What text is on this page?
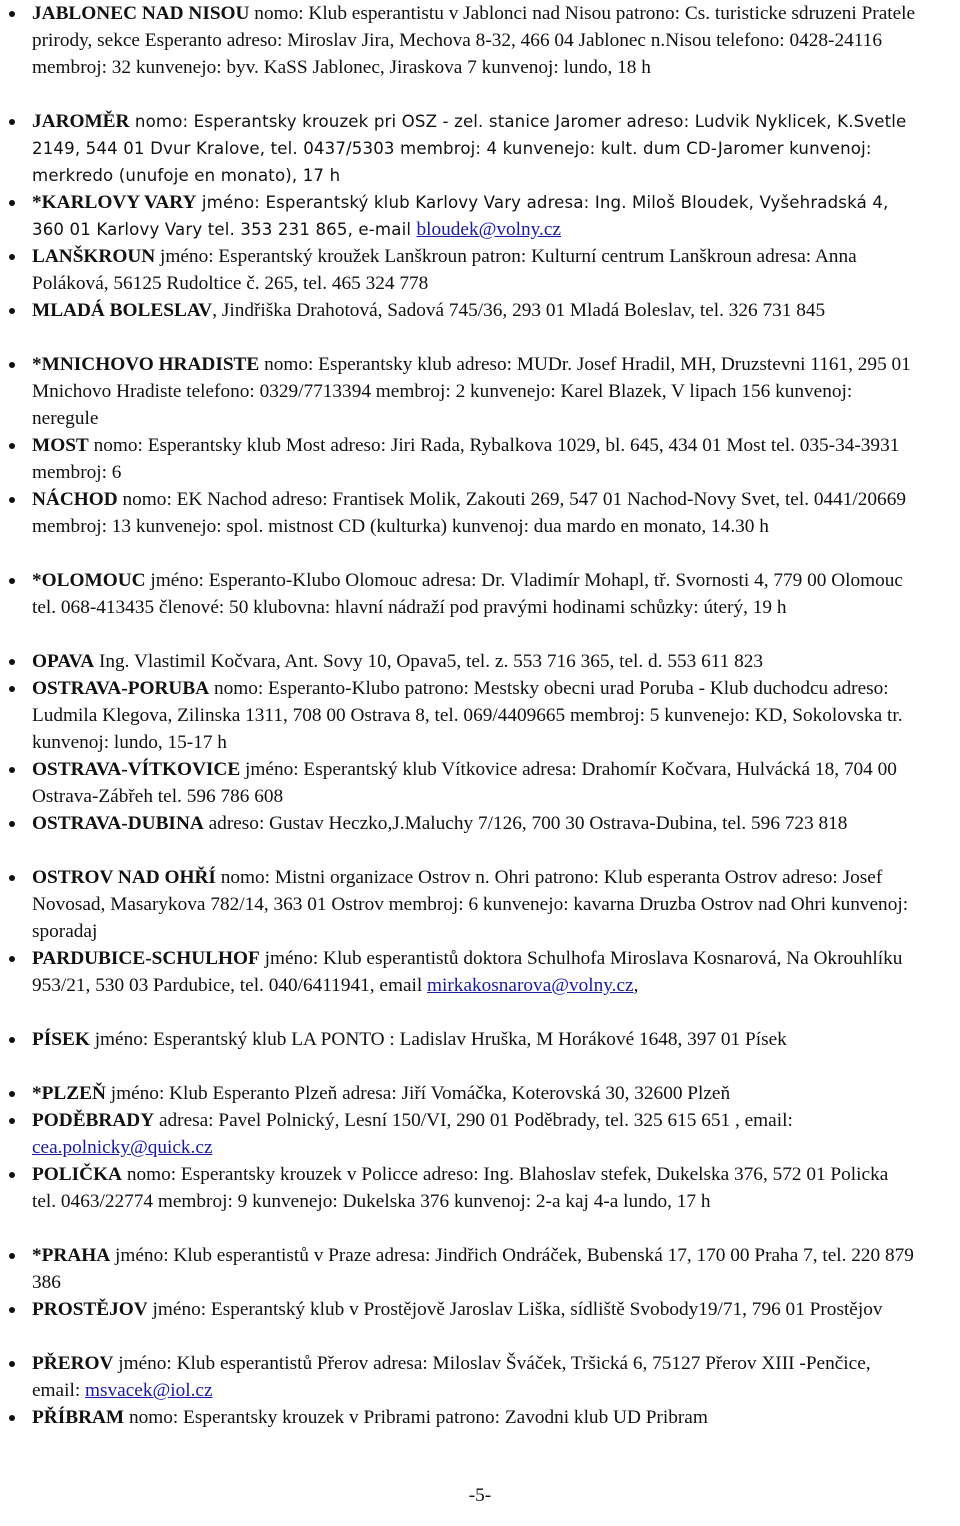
JABLONEC NAD NISOU nomo: Klub esperantistu v Jablonci nad Nisou patrono: Cs. turisticke sdruzeni Pratele prirody, sekce Esperanto adreso: Miroslav Jira, Mechova 8-32, 466 04 Jablonec n.Nisou telefono: 0428-24116 membroj: 32 kunvenejo: byv. KaSS Jablonec, Jiraskova 7 kunvenoj: lundo, 18 h
JAROMĚR nomo: Esperantsky krouzek pri OSZ - zel. stanice Jaromer adreso: Ludvik Nyklicek, K.Svetle 2149, 544 01 Dvur Kralove, tel. 0437/5303 membroj: 4 kunvenejo: kult. dum CD-Jaromer kunvenoj: merkredo (unufoje en monato), 17 h
*KARLOVY VARY jméno: Esperantský klub Karlovy Vary adresa: Ing. Miloš Bloudek, Vyšehradská 4, 360 01 Karlovy Vary tel. 353 231 865, e-mail bloudek@volny.cz
LANŠKROUN jméno: Esperantský kroužek Lanškroun patron: Kulturní centrum Lanškroun adresa: Anna Poláková, 56125 Rudoltice č. 265, tel. 465 324 778
MLADÁ BOLESLAV, Jindřiška Drahotová, Sadová 745/36, 293 01 Mladá Boleslav, tel. 326 731 845
*MNICHOVO HRADISTE nomo: Esperantsky klub adreso: MUDr. Josef Hradil, MH, Druzstevni 1161, 295 01 Mnichovo Hradiste telefono: 0329/7713394 membroj: 2 kunvenejo: Karel Blazek, V lipach 156 kunvenoj: neregule
MOST nomo: Esperantsky klub Most adreso: Jiri Rada, Rybalkova 1029, bl. 645, 434 01 Most tel. 035-34-3931 membroj: 6
NÁCHOD nomo: EK Nachod adreso: Frantisek Molik, Zakouti 269, 547 01 Nachod-Novy Svet, tel. 0441/20669 membroj: 13 kunvenejo: spol. mistnost CD (kulturka) kunvenoj: dua mardo en monato, 14.30 h
*OLOMOUC jméno: Esperanto-Klubo Olomouc adresa: Dr. Vladimír Mohapl, tř. Svornosti 4, 779 00 Olomouc tel. 068-413435 členové: 50 klubovna: hlavní nádraží pod pravými hodinami schůzky: úterý, 19 h
OPAVA Ing. Vlastimil Kočvara, Ant. Sovy 10, Opava5, tel. z. 553 716 365, tel. d. 553 611 823
OSTRAVA-PORUBA nomo: Esperanto-Klubo patrono: Mestsky obecni urad Poruba - Klub duchodcu adreso: Ludmila Klegova, Zilinska 1311, 708 00 Ostrava 8, tel. 069/4409665 membroj: 5 kunvenejo: KD, Sokolovska tr. kunvenoj: lundo, 15-17 h
OSTRAVA-VÍTKOVICE jméno: Esperantský klub Vítkovice adresa: Drahomír Kočvara, Hulvácká 18, 704 00 Ostrava-Zábřeh tel. 596 786 608
OSTRAVA-DUBINA adreso: Gustav Heczko,J.Maluchy 7/126, 700 30 Ostrava-Dubina, tel. 596 723 818
OSTROV NAD OHŘÍ nomo: Mistni organizace Ostrov n. Ohri patrono: Klub esperanta Ostrov adreso: Josef Novosad, Masarykova 782/14, 363 01 Ostrov membroj: 6 kunvenejo: kavarna Druzba Ostrov nad Ohri kunvenoj: sporadaj
PARDUBICE-SCHULHOF jméno: Klub esperantistů doktora Schulhofa Miroslava Kosnarová, Na Okrouhlíku 953/21, 530 03 Pardubice, tel. 040/6411941, email mirkakosnarova@volny.cz,
PÍSEK jméno: Esperantský klub LA PONTO : Ladislav Hruška, M Horákové 1648, 397 01 Písek
*PLZEŇ jméno: Klub Esperanto Plzeň adresa: Jiří Vomáčka, Koterovská 30, 32600 Plzeň
PODĚBRADY adresa: Pavel Polnický, Lesní 150/VI, 290 01 Poděbrady, tel. 325 615 651 , email: cea.polnicky@quick.cz
POLIČKA nomo: Esperantsky krouzek v Policce adreso: Ing. Blahoslav stefek, Dukelska 376, 572 01 Policka tel. 0463/22774 membroj: 9 kunvenejo: Dukelska 376 kunvenoj: 2-a kaj 4-a lundo, 17 h
*PRAHA jméno: Klub esperantistů v Praze adresa: Jindřich Ondráček, Bubenská 17, 170 00 Praha 7, tel. 220 879 386
PROSTĚJOV jméno: Esperantský klub v Prostějově Jaroslav Liška, sídliště Svobody19/71, 796 01 Prostějov
PŘEROV jméno: Klub esperantistů Přerov adresa: Miloslav Šváček, Tršická 6, 75127 Přerov XIII -Penčice, email: msvacek@iol.cz
PŘÍBRAM nomo: Esperantsky krouzek v Pribrami patrono: Zavodni klub UD Pribram
-5-
